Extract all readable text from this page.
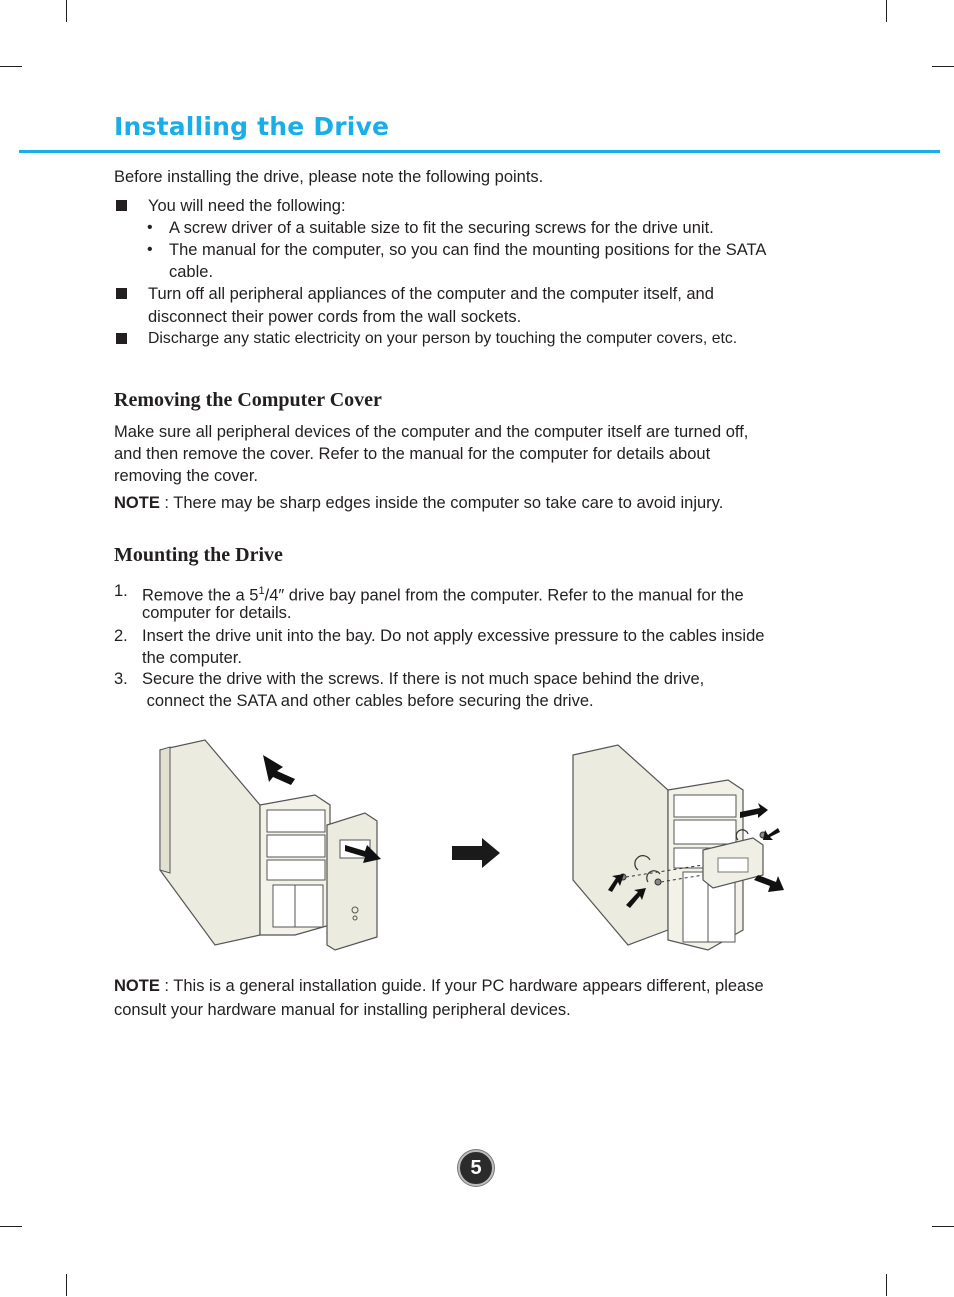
Installing the Drive

Before installing the drive, please note the following points.

You will need the following:

• A screw driver of a suitable size to fit the securing screws for the drive unit.

• The manual for the computer, so you can find the mounting positions for the SATA

cable.

Turn off all peripheral appliances of the computer and the computer itself, and

disconnect their power cords from the wall sockets.

Discharge any static electricity on your person by touching the computer covers, etc.

Removing the Computer Cover

Make sure all peripheral devices of the computer and the computer itself are turned off,

and then remove the cover. Refer to the manual for the computer for details about

removing the cover.

NOTE : There may be sharp edges inside the computer so take care to avoid injury.

Mounting the Drive
1. Remove the a $5^1/4''$ drive bay panel from the computer. Refer to the manual for the

computer for details.

2. Insert the drive unit into the bay. Do not apply excessive pressure to the cables inside

the computer.

3. Secure the drive with the screws. If there is not much space behind the drive,

connect the SATA and other cables before securing the drive.

NOTE : This is a general installation guide. If your PC hardware appears different, please

consult your hardware manual for installing peripheral devices.

5
